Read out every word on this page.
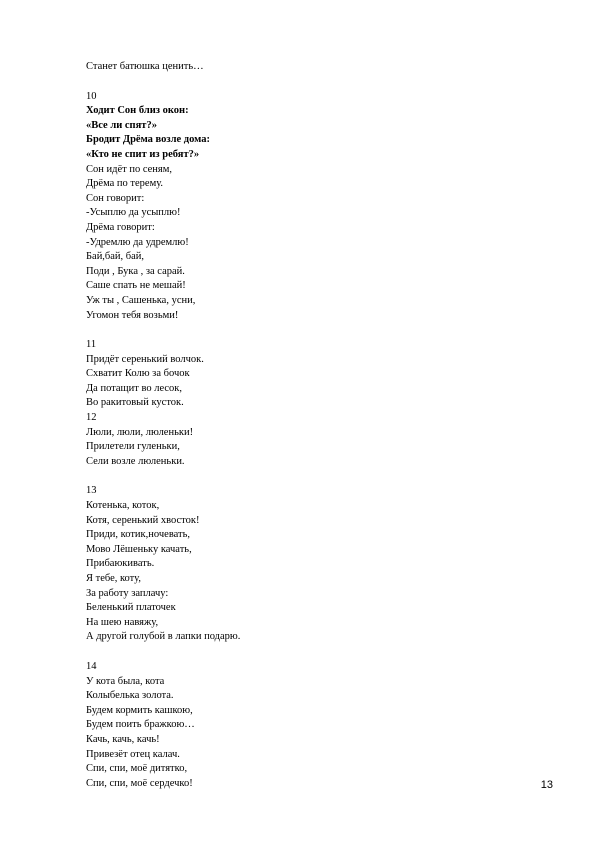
Станет батюшка ценить…
10
Ходит Сон близ окон:
«Все ли спят?»
Бродит Дрёма возле дома:
«Кто не спит из ребят?»
Сон идёт по сеням,
Дрёма по терему.
Сон говорит:
-Усыплю да усыплю!
Дрёма говорит:
-Удремлю да удремлю!
Бай,бай, бай,
Поди , Бука , за сарай.
Саше спать не мешай!
Уж ты , Сашенька, усни,
Угомон тебя возьми!
11
Придёт серенький волчок.
Схватит Колю за бочок
Да потащит во лесок,
Во ракитовый кусток.
12
Люли, люли, люленьки!
Прилетели гуленьки,
Сели возле люленьки.
13
Котенька, коток,
Котя, серенький хвосток!
Приди, котик,ночевать,
Мово Лёшеньку качать,
Прибаюкивать.
Я тебе, коту,
За работу заплачу:
Беленький платочек
На шею навяжу,
А другой голубой в лапки подарю.
14
У кота была, кота
Колыбелька золота.
Будем кормить кашкою,
Будем поить бражкою…
Качь, качь, качь!
Привезёт отец калач.
Спи, спи, моё дитятко,
Спи, спи, моё сердечко!	13
